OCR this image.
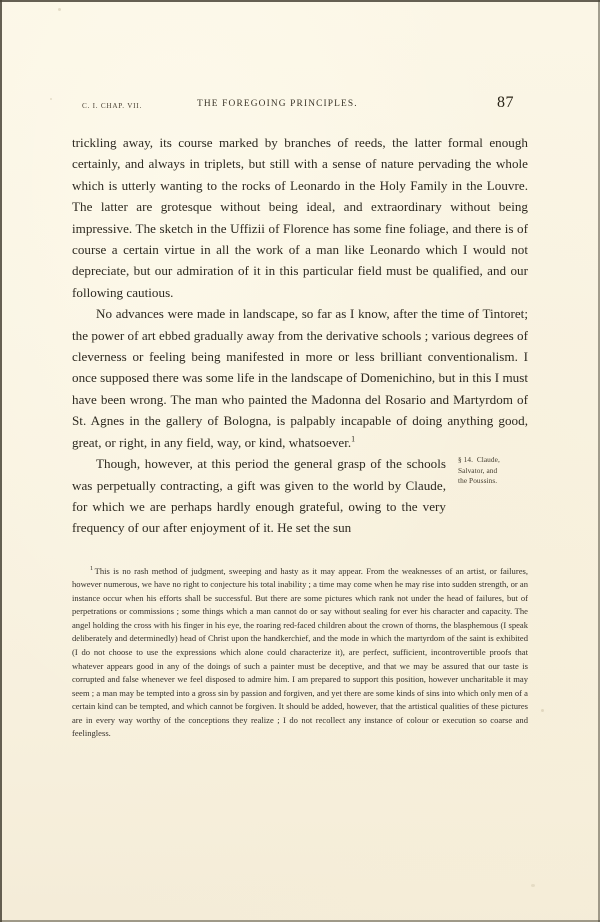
C. I. CHAP. VII.	THE FOREGOING PRINCIPLES.	87

trickling away, its course marked by branches of reeds, the latter formal enough certainly, and always in triplets, but still with a sense of nature pervading the whole which is utterly wanting to the rocks of Leonardo in the Holy Family in the Louvre. The latter are grotesque without being ideal, and extraordinary without being impressive. The sketch in the Uffizii of Florence has some fine foliage, and there is of course a certain virtue in all the work of a man like Leonardo which I would not depreciate, but our admiration of it in this particular field must be qualified, and our following cautious.

No advances were made in landscape, so far as I know, after the time of Tintoret; the power of art ebbed gradually away from the derivative schools ; various degrees of cleverness or feeling being manifested in more or less brilliant conventionalism. I once supposed there was some life in the landscape of Domenichino, but in this I must have been wrong. The man who painted the Madonna del Rosario and Martyrdom of St. Agnes in the gallery of Bologna, is palpably incapable of doing anything good, great, or right, in any field, way, or kind, whatsoever.$^1$

§ 14. Claude,
Salvator, and
the Poussins.

Though, however, at this period the general grasp of the schools was perpetually contracting, a gift was given to the world by Claude, for which we are perhaps hardly enough grateful, owing to the very frequency of our after enjoyment of it. He set the sun

$^1$ This is no rash method of judgment, sweeping and hasty as it may appear. From the weaknesses of an artist, or failures, however numerous, we have no right to conjecture his total inability ; a time may come when he may rise into sudden strength, or an instance occur when his efforts shall be successful. But there are some pictures which rank not under the head of failures, but of perpetrations or commissions ; some things which a man cannot do or say without sealing for ever his character and capacity. The angel holding the cross with his finger in his eye, the roaring red-faced children about the crown of thorns, the blasphemous (I speak deliberately and determinedly) head of Christ upon the handkerchief, and the mode in which the martyrdom of the saint is exhibited (I do not choose to use the expressions which alone could characterize it), are perfect, sufficient, incontrovertible proofs that whatever appears good in any of the doings of such a painter must be deceptive, and that we may be assured that our taste is corrupted and false whenever we feel disposed to admire him. I am prepared to support this position, however uncharitable it may seem ; a man may be tempted into a gross sin by passion and forgiven, and yet there are some kinds of sins into which only men of a certain kind can be tempted, and which cannot be forgiven. It should be added, however, that the artistical qualities of these pictures are in every way worthy of the conceptions they realize ; I do not recollect any instance of colour or execution so coarse and feelingless.
